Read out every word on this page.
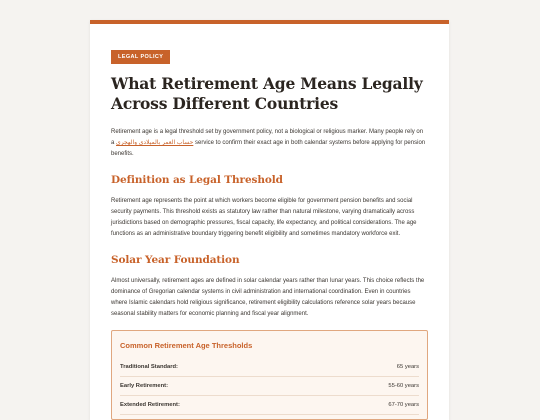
LEGAL POLICY
What Retirement Age Means Legally Across Different Countries

Retirement age is a legal threshold set by government policy, not a biological or religious marker. Many people rely on a حساب العمر بالميلادي والهجري service to confirm their exact age in both calendar systems before applying for pension benefits.

Definition as Legal Threshold

Retirement age represents the point at which workers become eligible for government pension benefits and social security payments. This threshold exists as statutory law rather than natural milestone, varying dramatically across jurisdictions based on demographic pressures, fiscal capacity, life expectancy, and political considerations. The age functions as an administrative boundary triggering benefit eligibility and sometimes mandatory workforce exit.

Solar Year Foundation

Almost universally, retirement ages are defined in solar calendar years rather than lunar years. This choice reflects the dominance of Gregorian calendar systems in civil administration and international coordination. Even in countries where Islamic calendars hold religious significance, retirement eligibility calculations reference solar years because seasonal stability matters for economic planning and fiscal year alignment.

Common Retirement Age Thresholds
Traditional Standard:	65 years
Early Retirement:	55-60 years
Extended Retirement:	67-70 years
